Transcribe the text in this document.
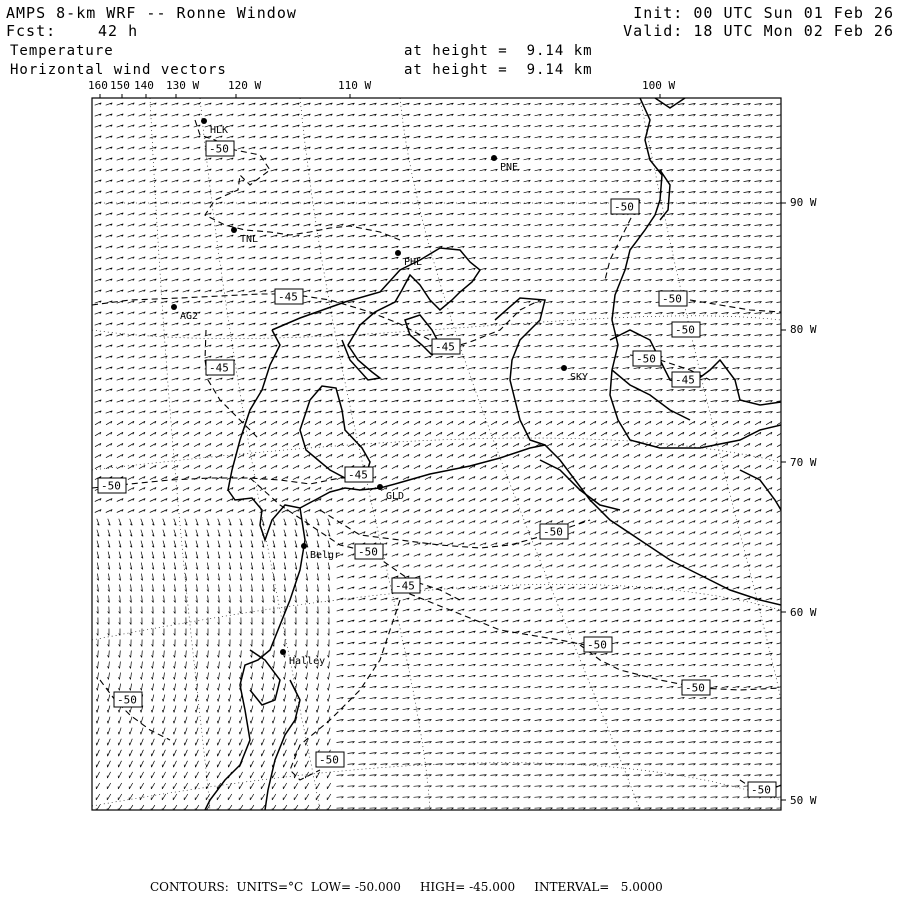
AMPS 8-km WRF -- Ronne Window
Fcst:	42 h
Temperature
Horizontal wind vectors
at height =  9.14 km
at height =  9.14 km
Init: 00 UTC Sun 01 Feb 26
Valid: 18 UTC Mon 02 Feb 26
HLK
PNE
TNL
PHL
AG2
SKY
GLD
Belgr
Halley
-50
-50
-45	-50
-45
-50
-45
-50
-45
-50
-50
-50
-45
-50
-50
-50
-50
-50
-45
160 150 140 130 W	120 W	110 W	100 W
90 W
80 W
70 W
60 W
50 W
CONTOURS:  UNITS=°C  LOW= -50.000     HIGH= -45.000     INTERVAL=   5.0000
